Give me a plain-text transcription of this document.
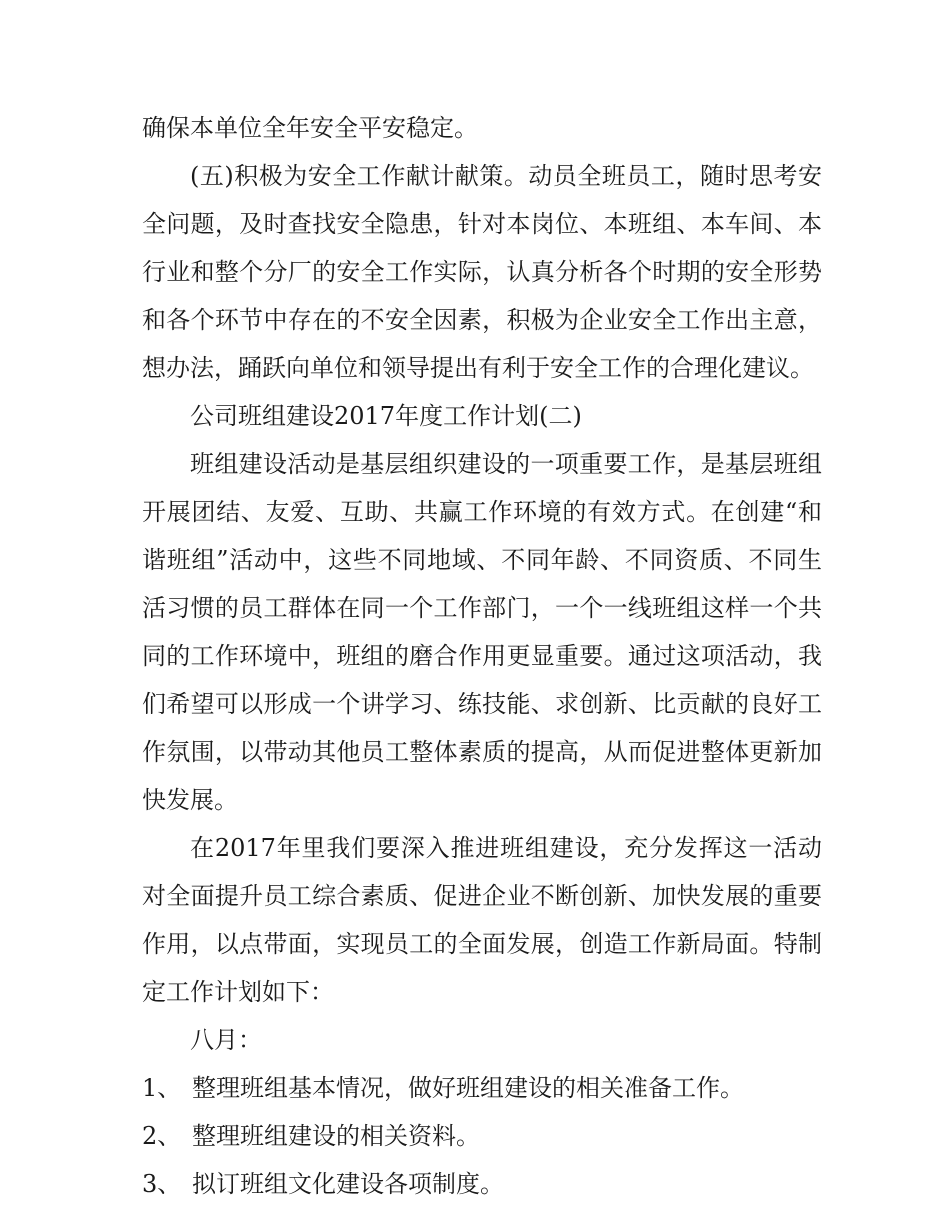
确保本单位全年安全平安稳定。

(五)积极为安全工作献计献策。动员全班员工，随时思考安全问题，及时查找安全隐患，针对本岗位、本班组、本车间、本行业和整个分厂的安全工作实际，认真分析各个时期的安全形势和各个环节中存在的不安全因素，积极为企业安全工作出主意，想办法，踊跃向单位和领导提出有利于安全工作的合理化建议。

公司班组建设2017年度工作计划(二)

班组建设活动是基层组织建设的一项重要工作，是基层班组开展团结、友爱、互助、共赢工作环境的有效方式。在创建“和谐班组”活动中，这些不同地域、不同年龄、不同资质、不同生活习惯的员工群体在同一个工作部门，一个一线班组这样一个共同的工作环境中，班组的磨合作用更显重要。通过这项活动，我们希望可以形成一个讲学习、练技能、求创新、比贡献的良好工作氛围，以带动其他员工整体素质的提高，从而促进整体更新加快发展。

在2017年里我们要深入推进班组建设，充分发挥这一活动对全面提升员工综合素质、促进企业不断创新、加快发展的重要作用，以点带面，实现员工的全面发展，创造工作新局面。特制定工作计划如下：

八月：

1、 整理班组基本情况，做好班组建设的相关准备工作。

2、 整理班组建设的相关资料。

3、 拟订班组文化建设各项制度。
